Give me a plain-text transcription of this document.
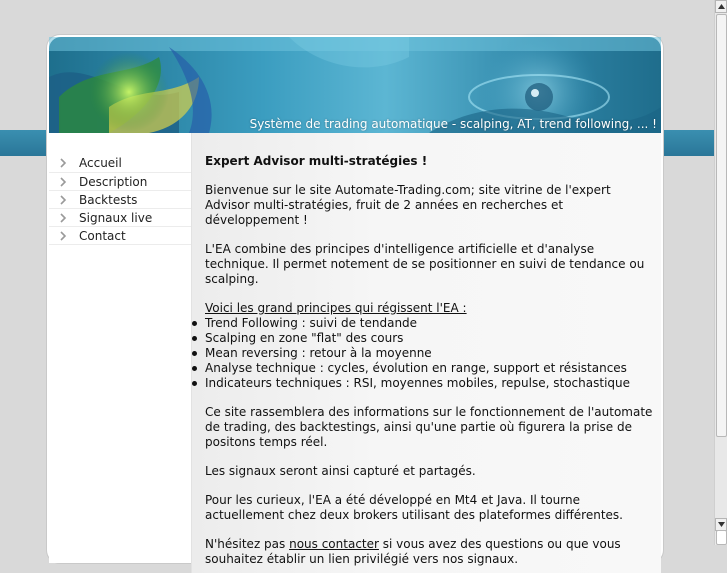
Système de trading automatique - scalping, AT, trend following, ... !
Accueil
Description
Backtests
Signaux live
Contact
Expert Advisor multi-stratégies !

Bienvenue sur le site Automate-Trading.com; site vitrine de l'expert Advisor multi-stratégies, fruit de 2 années en recherches et développement !

L'EA combine des principes d'intelligence artificielle et d'analyse technique. Il permet notement de se positionner en suivi de tendance ou scalping.

Voici les grand principes qui régissent l'EA :

Trend Following : suivi de tendande
Scalping en zone "flat" des cours
Mean reversing : retour à la moyenne
Analyse technique : cycles, évolution en range, support et résistances
Indicateurs techniques : RSI, moyennes mobiles, repulse, stochastique

Ce site rassemblera des informations sur le fonctionnement de l'automate de trading, des backtestings, ainsi qu'une partie où figurera la prise de positons temps réel.

Les signaux seront ainsi capturé et partagés.

Pour les curieux, l'EA a été développé en Mt4 et Java. Il tourne actuellement chez deux brokers utilisant des plateformes différentes.

N'hésitez pas nous contacter si vous avez des questions ou que vous souhaitez établir un lien privilégié vers nos signaux.
